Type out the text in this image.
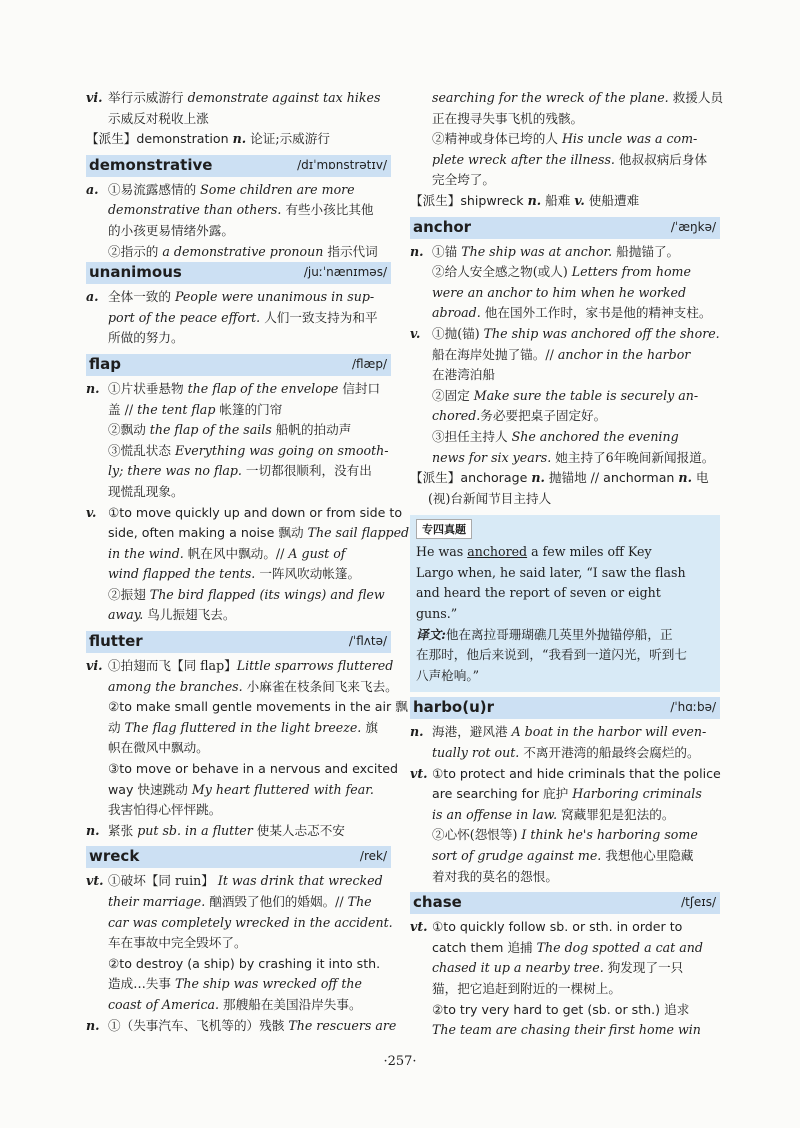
vi. 举行示威游行 demonstrate against tax hikes
示威反对税收上涨
【派生】demonstration n. 论证;示威游行
demonstrative	/dɪˈmɒnstrətɪv/
a. ①易流露感情的 Some children are more
demonstrative than others. 有些小孩比其他
的小孩更易情绪外露。
②指示的 a demonstrative pronoun 指示代词
unanimous	/juːˈnænɪməs/
a. 全体一致的 People were unanimous in sup-
port of the peace effort. 人们一致支持为和平
所做的努力。
flap	/flæp/
n. ①片状垂悬物 the flap of the envelope 信封口
盖 // the tent flap 帐篷的门帘
②飘动 the flap of the sails 船帆的拍动声
③慌乱状态 Everything was going on smooth-
ly; there was no flap. 一切都很顺利，没有出
现慌乱现象。
v. ①to move quickly up and down or from side to
side, often making a noise 飘动 The sail flapped
in the wind. 帆在风中飘动。// A gust of
wind flapped the tents. 一阵风吹动帐篷。
②振翅 The bird flapped (its wings) and flew
away. 鸟儿振翅飞去。
flutter	/ˈflʌtə/
vi. ①拍翅而飞【同 flap】Little sparrows fluttered
among the branches. 小麻雀在枝条间飞来飞去。
②to make small gentle movements in the air 飘
动 The flag fluttered in the light breeze. 旗
帜在微风中飘动。
③to move or behave in a nervous and excited
way 快速跳动 My heart fluttered with fear.
我害怕得心怦怦跳。
n. 紧张 put sb. in a flutter 使某人忐忑不安
wreck	/rek/
vt. ①破坏【同 ruin】 It was drink that wrecked
their marriage. 酗酒毁了他们的婚姻。// The
car was completely wrecked in the accident.
车在事故中完全毁坏了。
②to destroy (a ship) by crashing it into sth.
造成…失事 The ship was wrecked off the
coast of America. 那艘船在美国沿岸失事。
n. ①（失事汽车、飞机等的）残骸 The rescuers are
searching for the wreck of the plane. 救援人员
正在搜寻失事飞机的残骸。
②精神或身体已垮的人 His uncle was a com-
plete wreck after the illness. 他叔叔病后身体
完全垮了。
【派生】shipwreck n. 船难 v. 使船遭难
anchor	/ˈæŋkə/
n. ①锚 The ship was at anchor. 船抛锚了。
②给人安全感之物(或人) Letters from home
were an anchor to him when he worked
abroad. 他在国外工作时，家书是他的精神支柱。
v. ①抛(锚) The ship was anchored off the shore.
船在海岸处抛了锚。// anchor in the harbor
在港湾泊船
②固定 Make sure the table is securely an-
chored.务必要把桌子固定好。
③担任主持人 She anchored the evening
news for six years. 她主持了6年晚间新闻报道。
【派生】anchorage n. 抛锚地 // anchorman n. 电
(视)台新闻节目主持人
专四真题
He was anchored a few miles off Key
Largo when, he said later, “I saw the flash
and heard the report of seven or eight
guns.”
译文:他在离拉哥珊瑚礁几英里外抛锚停船，正
在那时，他后来说到，“我看到一道闪光，听到七
八声枪响。”
harbo(u)r	/ˈhɑːbə/
n. 海港，避风港 A boat in the harbor will even-
tually rot out. 不离开港湾的船最终会腐烂的。
vt. ①to protect and hide criminals that the police
are searching for 庇护 Harboring criminals
is an offense in law. 窝藏罪犯是犯法的。
②心怀(怨恨等) I think he's harboring some
sort of grudge against me. 我想他心里隐藏
着对我的莫名的怨恨。
chase	/tʃeɪs/
vt. ①to quickly follow sb. or sth. in order to
catch them 追捕 The dog spotted a cat and
chased it up a nearby tree. 狗发现了一只
猫，把它追赶到附近的一棵树上。
②to try very hard to get (sb. or sth.) 追求
The team are chasing their first home win
·257·
